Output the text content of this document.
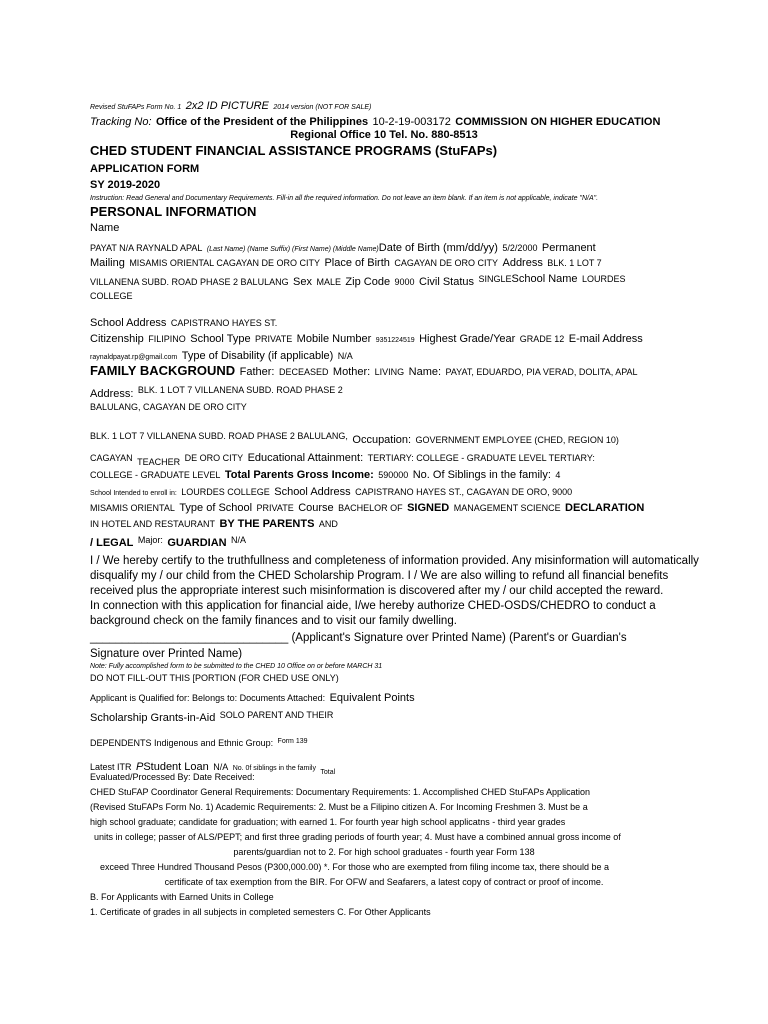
Revised StuFAPs Form No. 1 2x2 ID PICTURE 2014 version (NOT FOR SALE)
Tracking No: Office of the President of the Philippines 10-2-19-003172 COMMISSION ON HIGHER EDUCATION
Regional Office 10 Tel. No. 880-8513
CHED STUDENT FINANCIAL ASSISTANCE PROGRAMS (StuFAPs)
APPLICATION FORM
SY 2019-2020
Instruction: Read General and Documentary Requirements. Fill-in all the required information. Do not leave an item blank. If an item is not applicable, indicate "N/A".
PERSONAL INFORMATION
Name
PAYAT N/A RAYNALD APAL (Last Name) (Name Suffix) (First Name) (Middle Name)Date of Birth (mm/dd/yy) 5/2/2000 Permanent
Mailing MISAMIS ORIENTAL CAGAYAN DE ORO CITY Place of Birth CAGAYAN DE ORO CITY Address BLK. 1 LOT 7
VILLANENA SUBD. ROAD PHASE 2 BALULANG Sex MALE Zip Code 9000 Civil Status SINGLESchool Name LOURDES
COLLEGE
School Address CAPISTRANO HAYES ST.
Citizenship FILIPINO School Type PRIVATE Mobile Number 9351224519 Highest Grade/Year GRADE 12 E-mail Address
raynaldpayat.rp@gmail.com Type of Disability (if applicable) N/A
FAMILY BACKGROUND Father: DECEASED Mother: LIVING Name: PAYAT, EDUARDO, PIA VERAD, DOLITA, APAL
$_{Address:}$ BLK. 1 LOT 7 VILLANENA SUBD. ROAD PHASE 2
BALULANG, CAGAYAN DE ORO CITY
BLK. 1 LOT 7 VILLANENA SUBD. ROAD PHASE 2 BALULANG, $_{Occupation:}$ $_{GOVERNMENT EMPLOYEE (CHED, REGION 10)}$
CAGAYAN $_{TEACHER}$ DE ORO CITY Educational Attainment: TERTIARY: COLLEGE - GRADUATE LEVEL TERTIARY:
COLLEGE - GRADUATE LEVEL Total Parents Gross Income: 590000 No. Of Siblings in the family: 4
School Intended to enroll in: LOURDES COLLEGE School Address CAPISTRANO HAYES ST., CAGAYAN DE ORO, 9000
MISAMIS ORIENTAL Type of School PRIVATE Course BACHELOR OF SIGNED MANAGEMENT SCIENCE DECLARATION
IN HOTEL AND RESTAURANT BY THE PARENTS AND
/ LEGAL Major: GUARDIAN N/A
I / We hereby certify to the truthfullness and completeness of information provided. Any misinformation will automatically
disqualify my / our child from the CHED Scholarship Program. I / We are also willing to refund all financial benefits
received plus the appropriate interest such misinformation is discovered after my / our child accepted the reward.
In connection with this application for financial aide, I/we hereby authorize CHED-OSDS/CHEDRO to conduct a
background check on the family finances and to visit our family dwelling.
_______________________________ (Applicant's Signature over Printed Name) (Parent's or Guardian's
Signature over Printed Name)
Note: Fully accomplished form to be submitted to the CHED 10 Office on or before MARCH 31
DO NOT FILL-OUT THIS [PORTION (FOR CHED USE ONLY)
Applicant is Qualified for: Belongs to: Documents Attached: Equivalent Points
Scholarship Grants-in-Aid SOLO PARENT AND THEIR
DEPENDENTS Indigenous and Ethnic Group: Form 139
Latest ITR PStudent Loan N/A No. 0f siblings in the family $_{Total}$
Evaluated/Processed By: Date Received:
CHED StuFAP Coordinator General Requirements: Documentary Requirements: 1. Accomplished CHED StuFAPs Application
(Revised StuFAPs Form No. 1) Academic Requirements: 2. Must be a Filipino citizen A. For Incoming Freshmen 3. Must be a
high school graduate; candidate for graduation; with earned 1. For fourth year high school applicatns - third year grades
units in college; passer of ALS/PEPT; and first three grading periods of fourth year; 4. Must have a combined annual gross income of
parents/guardian not to 2. For high school graduates - fourth year Form 138
exceed Three Hundred Thousand Pesos (P300,000.00) *. For those who are exempted from filing income tax, there should be a
certificate of tax exemption from the BIR. For OFW and Seafarers, a latest copy of contract or proof of income.
B. For Applicants with Earned Units in College
1. Certificate of grades in all subjects in completed semesters C. For Other Applicants
